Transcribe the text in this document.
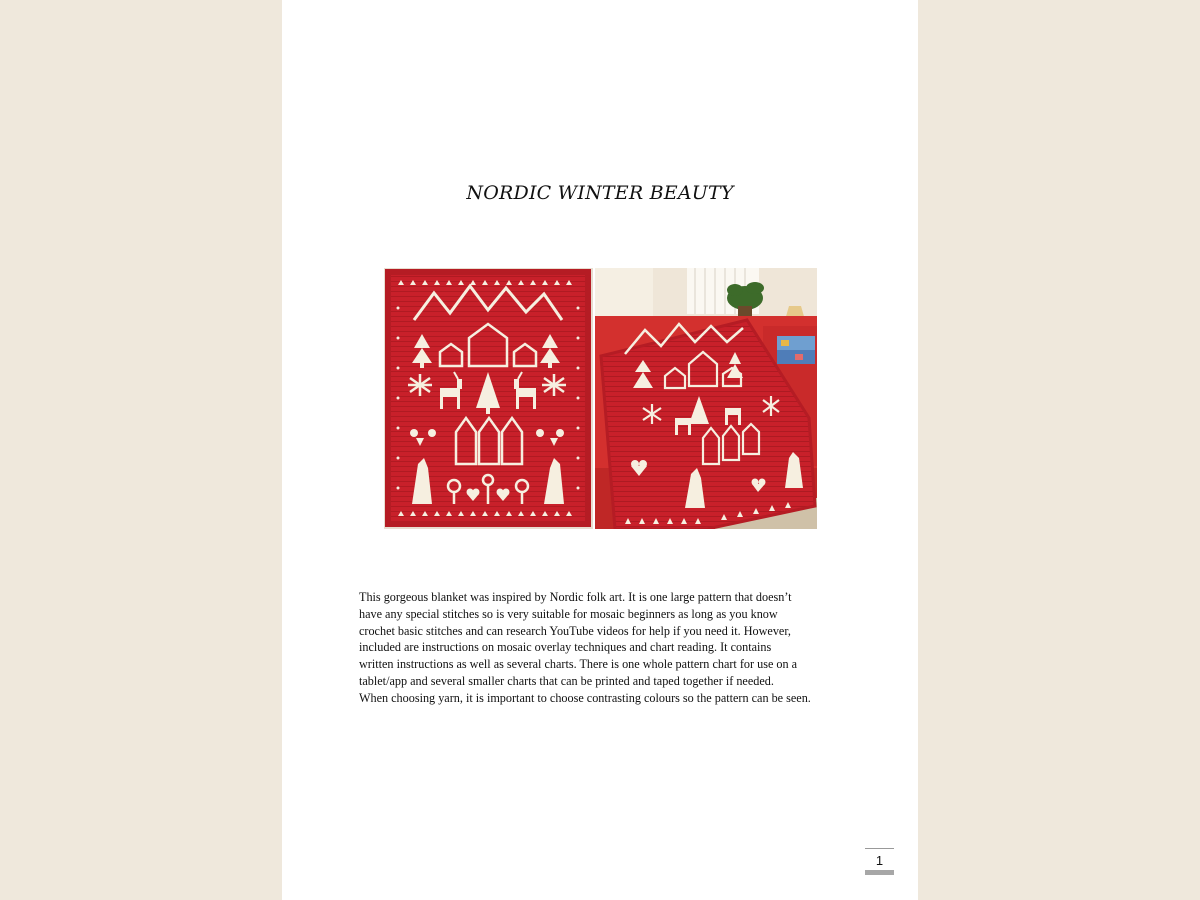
NORDIC WINTER BEAUTY
This gorgeous blanket was inspired by Nordic folk art. It is one large pattern that doesn’t
have any special stitches so is very suitable for mosaic beginners as long as you know
crochet basic stitches and can research YouTube videos for help if you need it. However,
included are instructions on mosaic overlay techniques and chart reading. It contains
written instructions as well as several charts. There is one whole pattern chart for use on a
tablet/app and several smaller charts that can be printed and taped together if needed.
When choosing yarn, it is important to choose contrasting colours so the pattern can be seen.
1
